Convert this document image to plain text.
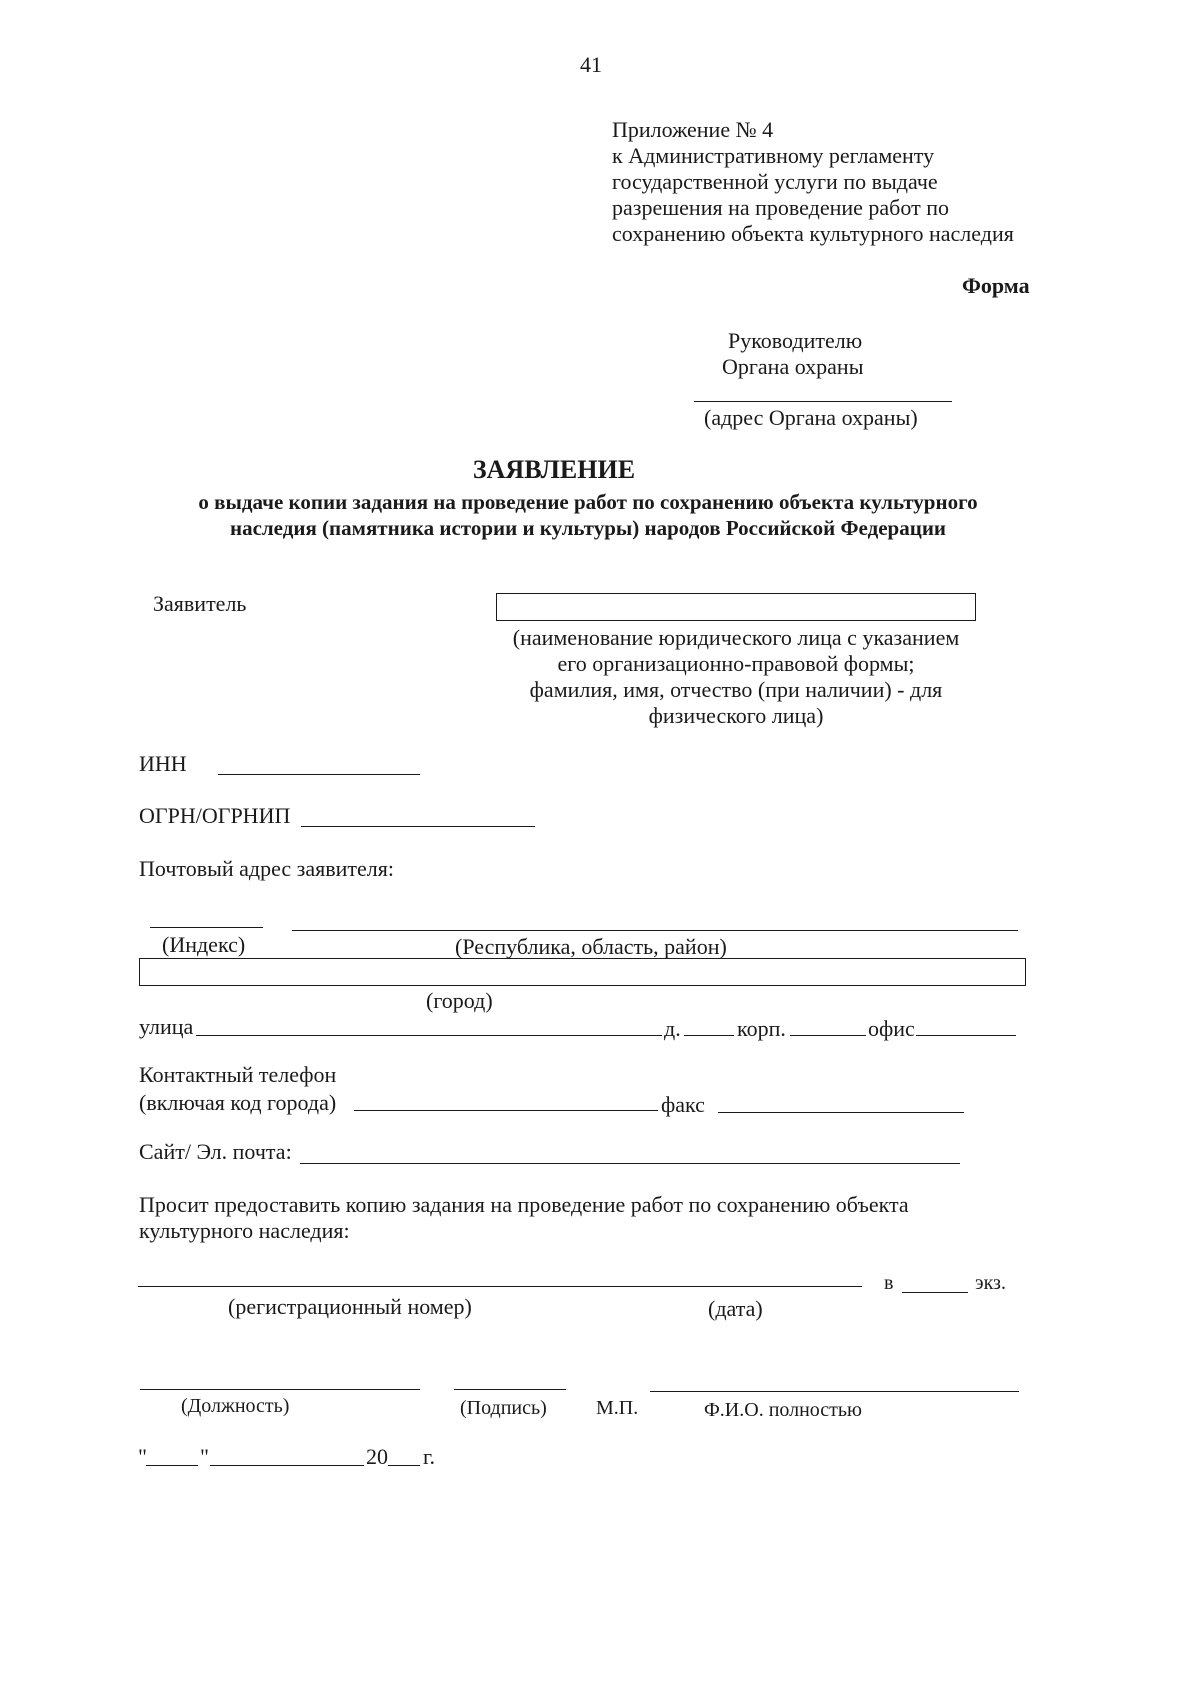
41
Приложение № 4
к Административному регламенту
государственной услуги по выдаче
разрешения на проведение работ по
сохранению объекта культурного наследия
Форма
Руководителю
Органа охраны
(адрес Органа охраны)
ЗАЯВЛЕНИЕ
о выдаче копии задания на проведение работ по сохранению объекта культурного
наследия (памятника истории и культуры) народов Российской Федерации
Заявитель
(наименование юридического лица с указанием
его организационно-правовой формы;
фамилия, имя, отчество (при наличии) - для
физического лица)
ИНН
ОГРН/ОГРНИП
Почтовый адрес заявителя:
(Индекс)	(Республика, область, район)
(город)
улица	д.	корп.	офис
Контактный телефон
(включая код города)	факс
Сайт/ Эл. почта:
Просит предоставить копию задания на проведение работ по сохранению объекта
культурного наследия:
в	экз.
(регистрационный номер)	(дата)
(Должность)	(Подпись) М.П.	Ф.И.О. полностью
" "	20 г.
